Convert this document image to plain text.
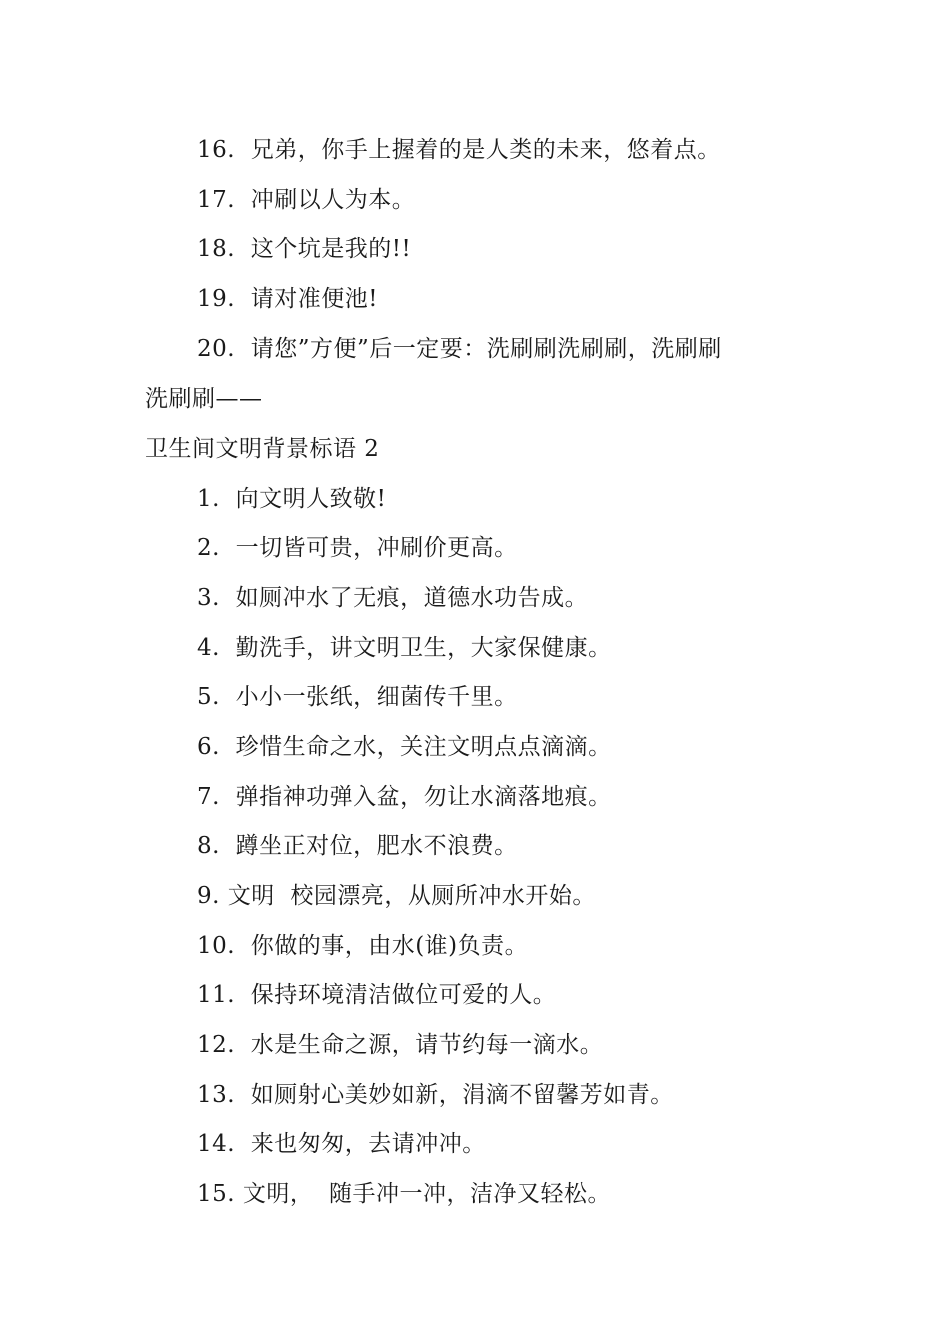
16.  兄弟，你手上握着的是人类的未来，悠着点。
17.  冲刷以人为本。
18.  这个坑是我的!!
19.  请对准便池!
20.  请您”方便”后一定要：洗刷刷洗刷刷，洗刷刷
洗刷刷——
卫生间文明背景标语 2
1.  向文明人致敬!
2.  一切皆可贵，冲刷价更高。
3.  如厕冲水了无痕，道德水功告成。
4.  勤洗手，讲文明卫生，大家保健康。
5.  小小一张纸，细菌传千里。
6.  珍惜生命之水，关注文明点点滴滴。
7.  弹指神功弹入盆，勿让水滴落地痕。
8.  蹲坐正对位，肥水不浪费。
9. 文明  校园漂亮，从厕所冲水开始。
10.  你做的事，由水(谁)负责。
11.  保持环境清洁做位可爱的人。
12.  水是生命之源，请节约每一滴水。
13.  如厕射心美妙如新，涓滴不留馨芳如青。
14.  来也匆匆，去请冲冲。
15. 文明，  随手冲一冲，洁净又轻松。
